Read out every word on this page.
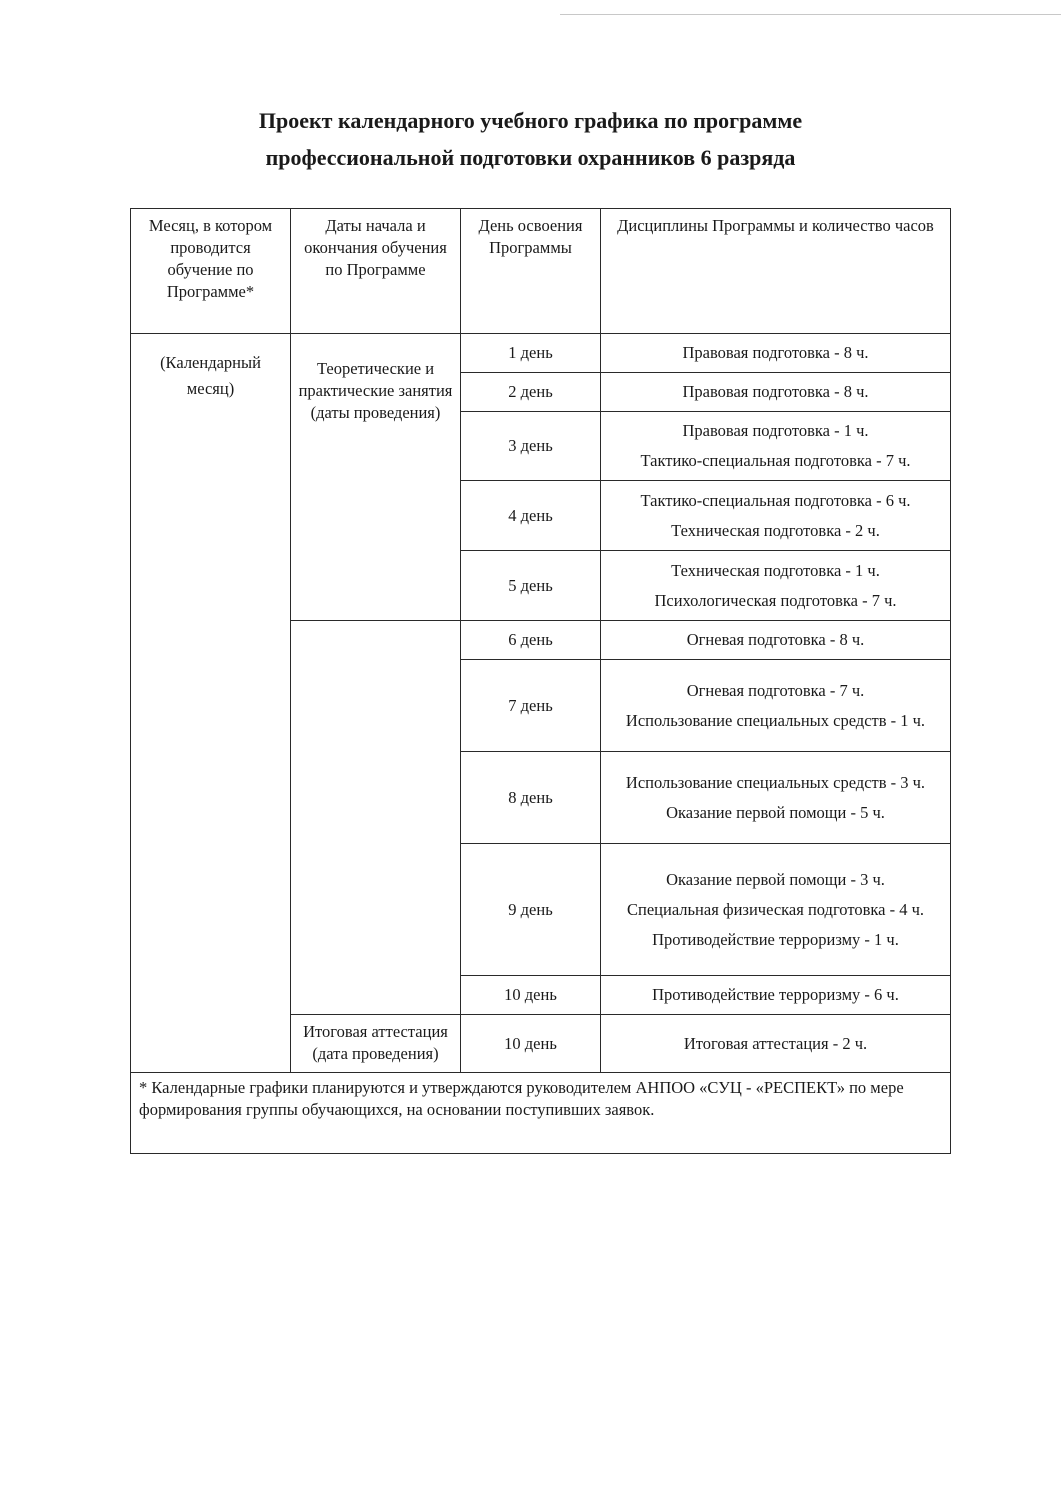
Проект календарного учебного графика по программе
профессиональной подготовки охранников 6 разряда
Месяц, в котором проводится обучение по Программе*	Даты начала и окончания обучения по Программе	День освоения Программы	Дисциплины Программы и количество часов
(Календарный месяц)	Теоретические и практические занятия (даты проведения)	1 день	Правовая подготовка - 8 ч.

		2 день	Правовая подготовка - 8 ч.

		3 день	Правовая подготовка - 1 ч.

Тактико-специальная подготовка - 7 ч.

		4 день	Тактико-специальная подготовка - 6 ч.

Техническая подготовка - 2 ч.

		5 день	Техническая подготовка - 1 ч.

Психологическая подготовка - 7 ч.

		6 день	Огневая подготовка - 8 ч.

		7 день	Огневая подготовка - 7 ч.

Использование специальных средств - 1 ч.

		8 день	Использование специальных средств - 3 ч.

Оказание первой помощи - 5 ч.

		9 день	Оказание первой помощи - 3 ч.

Специальная физическая подготовка - 4 ч.

Противодействие терроризму - 1 ч.

		10 день	Противодействие терроризму - 6 ч.

	Итоговая аттестация (дата проведения)	10 день	Итоговая аттестация - 2 ч.

* Календарные графики планируются и утверждаются руководителем АНПОО «СУЦ - «РЕСПЕКТ» по мере формирования группы обучающихся, на основании поступивших заявок.			
